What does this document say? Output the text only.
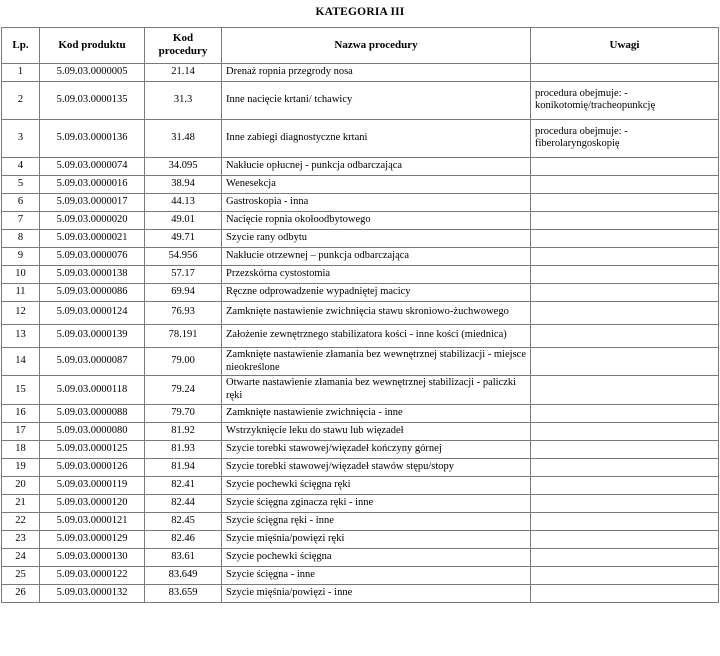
KATEGORIA III
Lp.	Kod produktu	Kod procedury	Nazwa procedury	Uwagi
1	5.09.03.0000005	21.14	Drenaż ropnia przegrody nosa	
2	5.09.03.0000135	31.3	Inne nacięcie krtani/ tchawicy	procedura obejmuje: - konikotomię/tracheopunkcję
3	5.09.03.0000136	31.48	Inne zabiegi diagnostyczne krtani	procedura obejmuje: - fiberolaryngoskopię
4	5.09.03.0000074	34.095	Nakłucie opłucnej - punkcja odbarczająca	
5	5.09.03.0000016	38.94	Wenesekcja	
6	5.09.03.0000017	44.13	Gastroskopia - inna	
7	5.09.03.0000020	49.01	Nacięcie ropnia okołoodbytowego	
8	5.09.03.0000021	49.71	Szycie rany odbytu	
9	5.09.03.0000076	54.956	Nakłucie otrzewnej – punkcja odbarczająca	
10	5.09.03.0000138	57.17	Przezskórna cystostomia	
11	5.09.03.0000086	69.94	Ręczne odprowadzenie wypadniętej macicy	
12	5.09.03.0000124	76.93	Zamknięte nastawienie zwichnięcia stawu skroniowo-żuchwowego	
13	5.09.03.0000139	78.191	Założenie zewnętrznego stabilizatora kości - inne kości (miednica)	
14	5.09.03.0000087	79.00	Zamknięte nastawienie złamania bez wewnętrznej stabilizacji - miejsce nieokreślone	
15	5.09.03.0000118	79.24	Otwarte nastawienie złamania bez wewnętrznej stabilizacji - paliczki ręki	
16	5.09.03.0000088	79.70	Zamknięte nastawienie zwichnięcia - inne	
17	5.09.03.0000080	81.92	Wstrzyknięcie leku do stawu lub więzadeł	
18	5.09.03.0000125	81.93	Szycie torebki stawowej/więzadeł kończyny górnej	
19	5.09.03.0000126	81.94	Szycie torebki stawowej/więzadeł stawów stępu/stopy	
20	5.09.03.0000119	82.41	Szycie pochewki ścięgna ręki	
21	5.09.03.0000120	82.44	Szycie ścięgna zginacza ręki - inne	
22	5.09.03.0000121	82.45	Szycie ścięgna ręki - inne	
23	5.09.03.0000129	82.46	Szycie mięśnia/powięzi ręki	
24	5.09.03.0000130	83.61	Szycie pochewki ścięgna	
25	5.09.03.0000122	83.649	Szycie ścięgna - inne	
26	5.09.03.0000132	83.659	Szycie mięśnia/powięzi - inne	
